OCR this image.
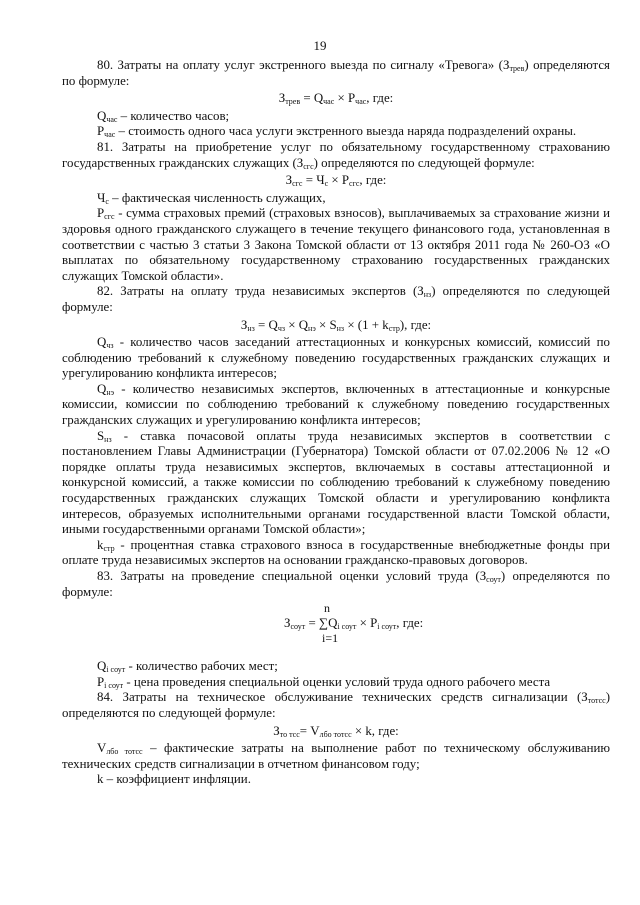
19

80. Затраты на оплату услуг экстренного выезда по сигналу «Тревога» $(З_{трев})$ определяются по формуле:

$З_{трев} = Q_{час} \times P_{час}$, где:

$Q_{час}$ – количество часов;

$P_{час}$ – стоимость одного часа услуги экстренного выезда наряда подразделений охраны.

81. Затраты на приобретение услуг по обязательному государственному страхованию государственных гражданских служащих $(З_{сгс})$ определяются по следующей формуле:

$З_{сгс} = Ч_с \times P_{сгс}$, где:

$Ч_с$ – фактическая численность служащих,

$Р_{сгс}$ - сумма страховых премий (страховых взносов), выплачиваемых за страхование жизни и здоровья одного гражданского служащего в течение текущего финансового года, установленная в соответствии с частью 3 статьи 3 Закона Томской области от 13 октября 2011 года № 260-ОЗ «О выплатах по обязательному государственному страхованию государственных гражданских служащих Томской области».

82. Затраты на оплату труда независимых экспертов $(З_{нз})$ определяются по следующей формуле:

$З_{нз} = Q_{чз} \times Q_{нэ} \times S_{нз} \times (1 + k_{стр})$, где:

$Q_{чз}$ - количество часов заседаний аттестационных и конкурсных комиссий, комиссий по соблюдению требований к служебному поведению государственных гражданских служащих и урегулированию конфликта интересов;

$Q_{нэ}$ - количество независимых экспертов, включенных в аттестационные и конкурсные комиссии, комиссии по соблюдению требований к служебному поведению государственных гражданских служащих и урегулированию конфликта интересов;

$S_{нз}$ - ставка почасовой оплаты труда независимых экспертов в соответствии с постановлением Главы Администрации (Губернатора) Томской области от 07.02.2006 № 12 «О порядке оплаты труда независимых экспертов, включаемых в составы аттестационной и конкурсной комиссий, а также комиссии по соблюдению требований к служебному поведению государственных гражданских служащих Томской области и урегулированию конфликта интересов, образуемых исполнительными органами государственной власти Томской области, иными государственными органами Томской области»;

$k_{стр}$ - процентная ставка страхового взноса в государственные внебюджетные фонды при оплате труда независимых экспертов на основании гражданско-правовых договоров.

83. Затраты на проведение специальной оценки условий труда $(З_{соут})$ определяются по формуле:

n
$З_{соут} = \sum Q_{i соут} \times P_{i соут}$, где:
i=1

$Q_{i соут}$ - количество рабочих мест;

$P_{i соут}$ - цена проведения специальной оценки условий труда одного рабочего места

84. Затраты на техническое обслуживание технических средств сигнализации $(З_{тотсс})$ определяются по следующей формуле:

$З_{то тсс}= V_{лбо тотсс} \times k$, где:

$V_{лбо тотсс}$ – фактические затраты на выполнение работ по техническому обслуживанию технических средств сигнализации в отчетном финансовом году;

k – коэффициент инфляции.
